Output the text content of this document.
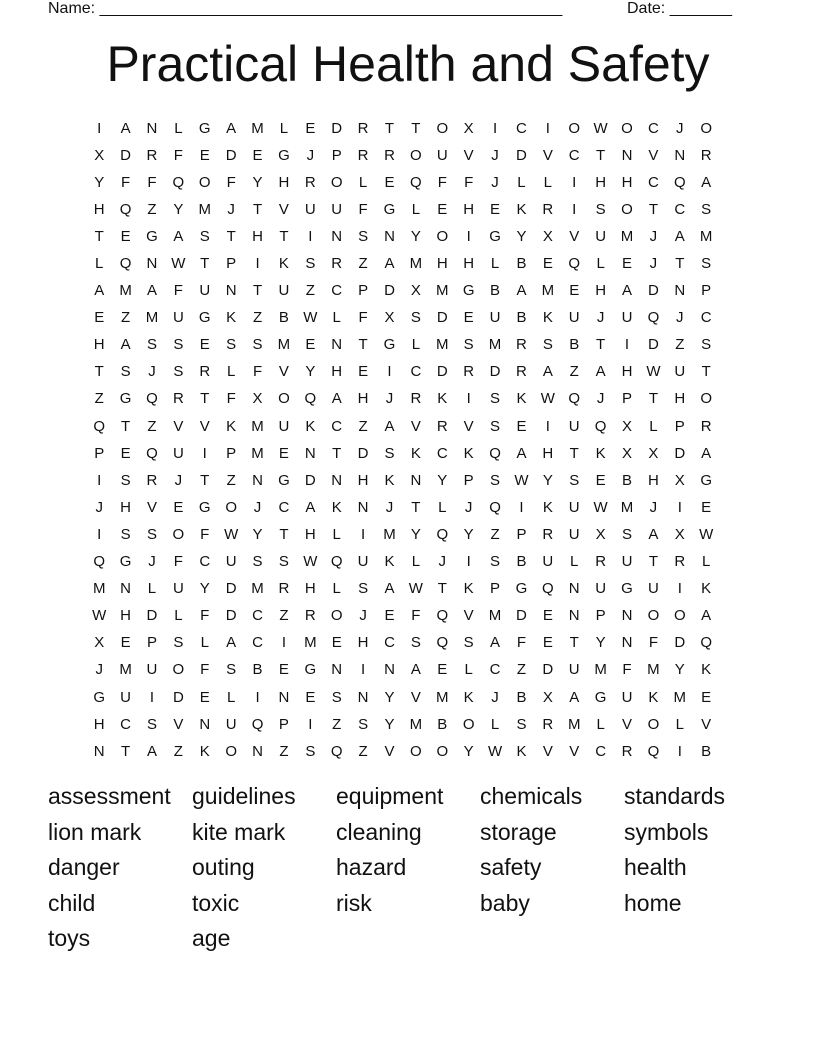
Name: ____________________________________________________	Date: _______
Practical Health and Safety
I	A	N	L	G	A	M	L	E	D	R	T	T	O	X	I	C	I	O W O	C	J	O
X	D	R	F	E	D	E	G	J	P	R	R	O	U	V	J	D	V	C	T	N	V	N	R
Y	F	F	Q O	F	Y	H	R	O	L	E	Q	F	F	J	L	L	I	H	H	C	Q	A
H	Q	Z	Y	M	J	T	V	U	U	F	G	L	E	H	E	K	R	I	S	O	T	C	S
T	E	G	A	S	T	H	T	I	N	S	N	Y	O	I	G	Y	X	V	U M	J	A	M
L	Q	N W T	P	I	K	S	R	Z	A	M H	H	L	B	E	Q	L	E	J	T	S
A	M	A	F	U	N	T	U	Z	C	P	D	X	M G	B	A	M	E	H	A	D	N	P
E	Z	M U	G	K	Z	B W	L	F	X	S	D	E	U	B	K	U	J	U	Q	J	C
H	A	S	S	E	S	S	M	E	N	T	G	L	M	S	M R	S	B	T	I	D	Z	S
T	S	J	S	R	L	F	V	Y	H	E	I	C	D	R	D	R	A	Z	A	H W U	T
Z	G Q	R	T	F	X	O Q	A	H	J	R	K	I	S	K W Q	J	P	T	H	O
Q	T	Z	V	V	K	M U	K	C	Z	A	V	R	V	S	E	I	U	Q	X	L	P	R
P	E	Q	U	I	P	M	E	N	T	D	S	K	C	K	Q	A	H	T	K	X	X	D	A
I	S	R	J	T	Z	N	G	D	N	H	K	N	Y	P	S W Y	S	E	B	H	X	G
J	H	V	E	G O	J	C	A	K	N	J	T	L	J	Q	I	K	U W M	J	I	E
I	S	S	O	F W Y	T	H	L	I	M	Y	Q	Y	Z	P	R	U	X	S	A	X W
Q G	J	F	C	U	S	S W Q	U	K	L	J	I	S	B	U	L	R	U	T	R	L
M N	L	U	Y	D M R	H	L	S	A W T	K	P	G Q	N	U	G	U	I	K
W H	D	L	F	D	C	Z	R	O	J	E	F	Q	V	M D	E	N	P	N	O O	A
X	E	P	S	L	A	C	I	M	E	H	C	S	Q	S	A	F	E	T	Y	N	F	D	Q
J	M U	O	F	S	B	E	G	N	I	N	A	E	L	C	Z	D	U M	F	M	Y	K
G	U	I	D	E	L	I	N	E	S	N	Y	V	M	K	J	B	X	A	G	U	K	M	E
H	C	S	V	N	U	Q	P	I	Z	S	Y	M	B	O	L	S	R M	L	V	O	L	V
N	T	A	Z	K	O	N	Z	S	Q	Z	V	O O	Y W K	V	V	C	R	Q	I	B
assessment guidelines	equipment	chemicals	standards
lion mark	kite mark	cleaning	storage	symbols
danger	outing	hazard	safety	health
child	toxic	risk	baby	home
toys	age
